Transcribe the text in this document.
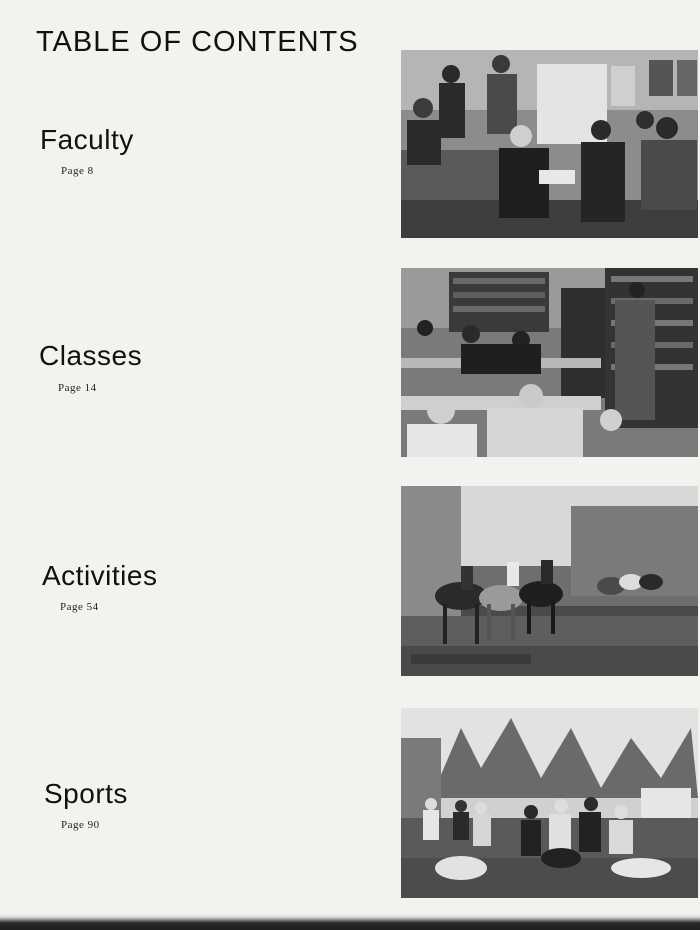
TABLE OF CONTENTS
Faculty
Page 8
Classes
Page 14
Activities
Page 54
Sports
Page 90
